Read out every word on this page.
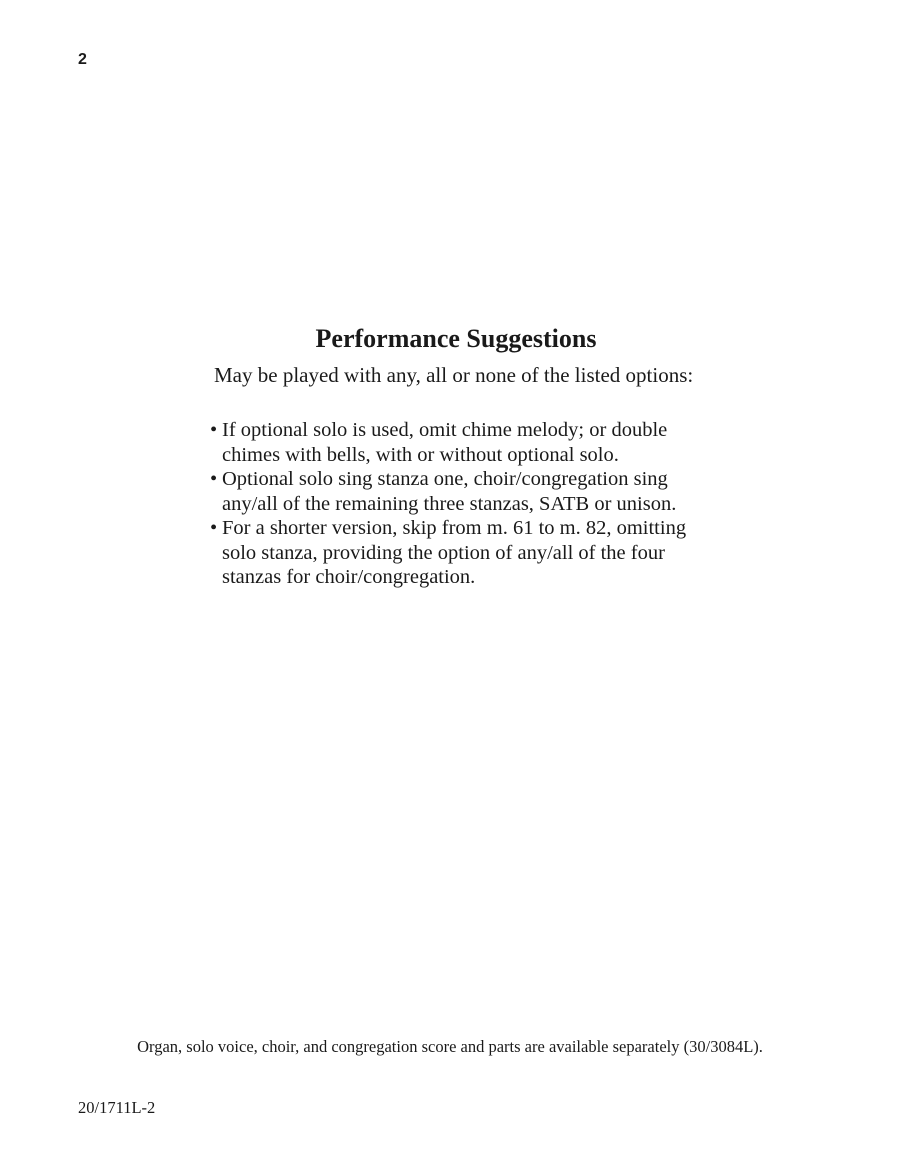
2
Performance Suggestions

May be played with any, all or none of the listed options:

• If optional solo is used, omit chime melody; or double
chimes with bells, with or without optional solo.
• Optional solo sing stanza one, choir/congregation sing
any/all of the remaining three stanzas, SATB or unison.
• For a shorter version, skip from m. 61 to m. 82, omitting
solo stanza, providing the option of any/all of the four
stanzas for choir/congregation.
Organ, solo voice, choir, and congregation score and parts are available separately (30/3084L).
20/1711L-2
